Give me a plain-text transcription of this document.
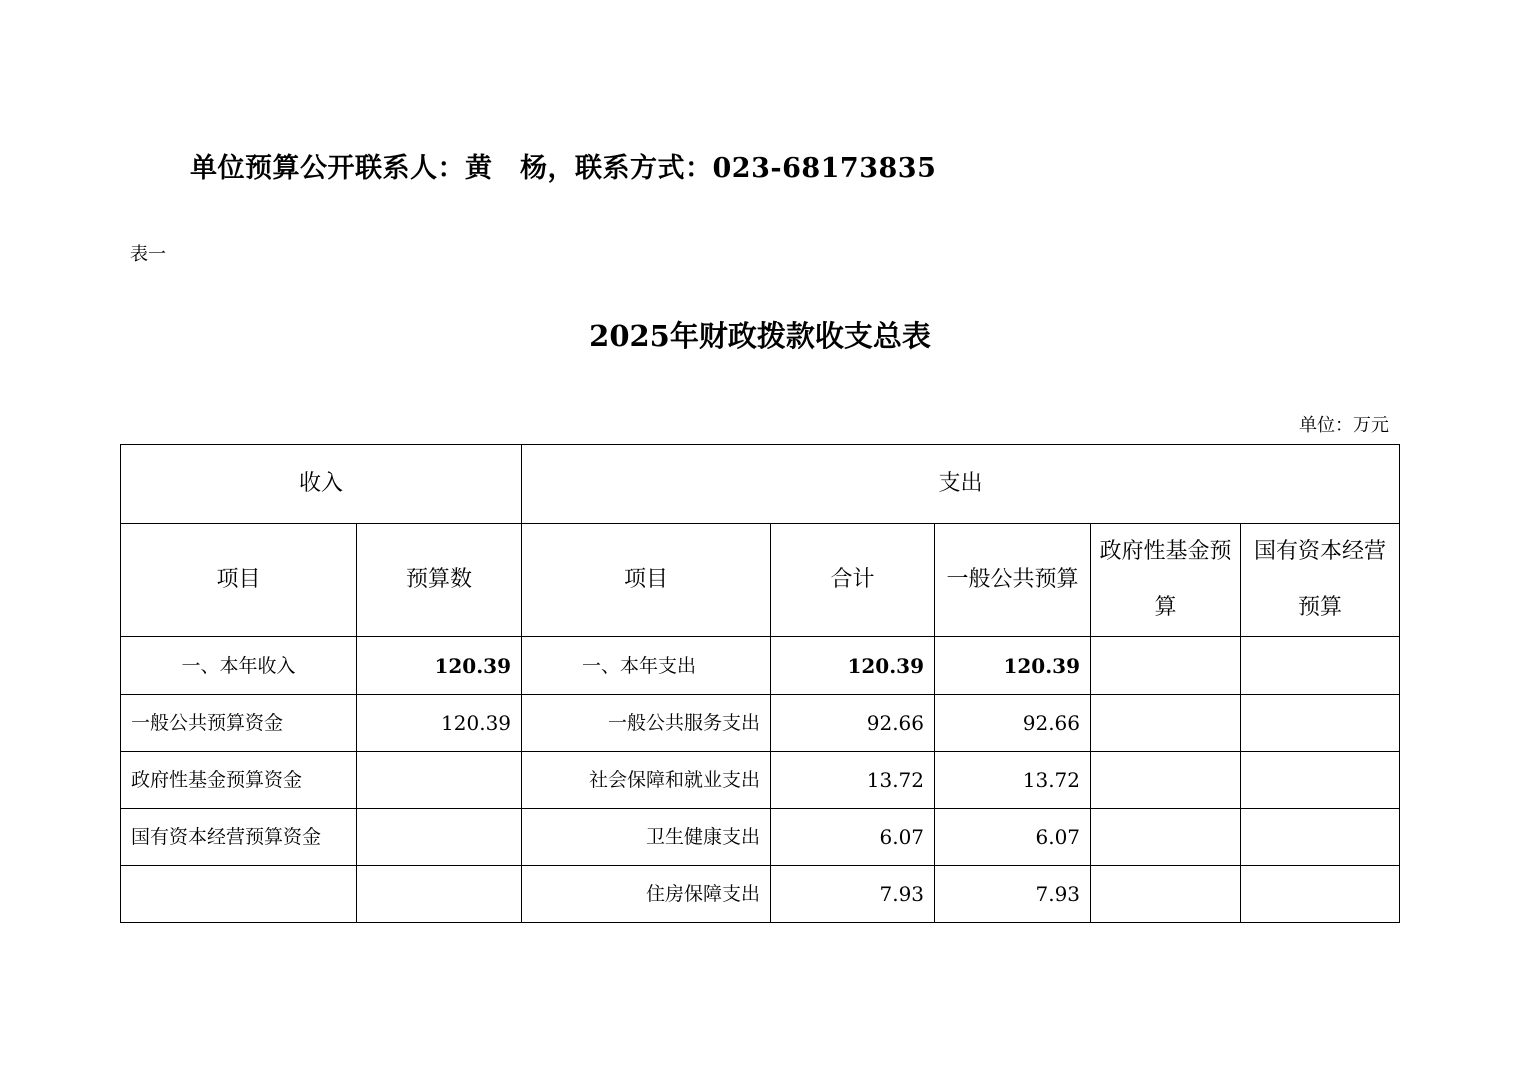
单位预算公开联系人：黄　杨，联系方式：023-68173835
表一
2025年财政拨款收支总表
单位：万元
收入		支出				
项目	预算数	项目	合计	一般公共预算	政府性基金预算	国有资本经营预算
一、本年收入	120.39	一、本年支出	120.39	120.39		
一般公共预算资金	120.39	一般公共服务支出	92.66	92.66		
政府性基金预算资金		社会保障和就业支出	13.72	13.72		
国有资本经营预算资金		卫生健康支出	6.07	6.07		
		住房保障支出	7.93	7.93		
